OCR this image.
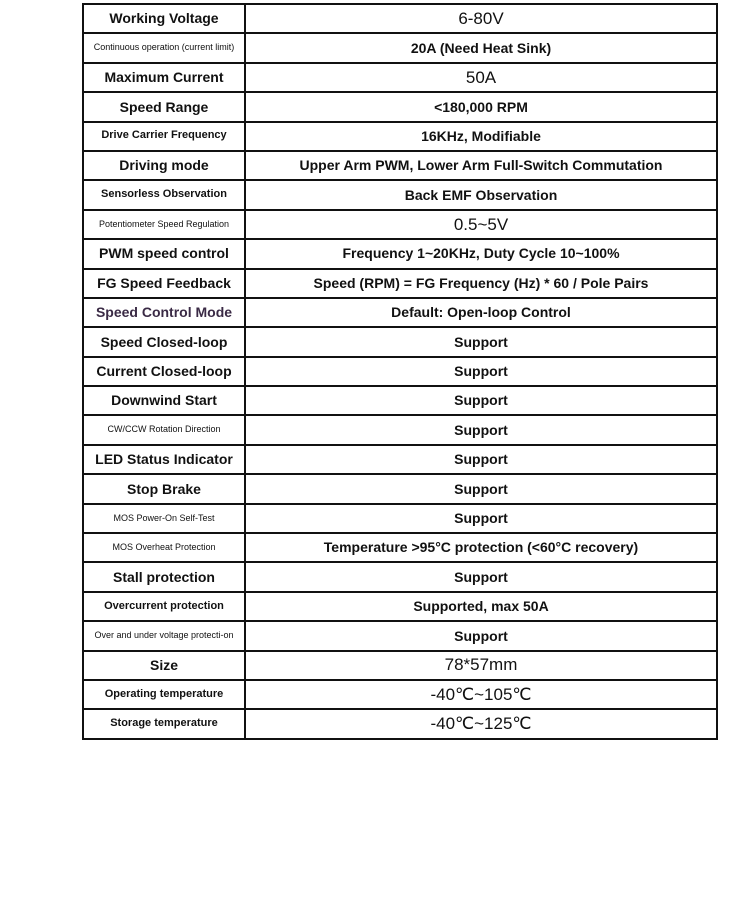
Working Voltage	6-80V
Continuous operation (current limit)	20A (Need Heat Sink)
Maximum Current	50A
Speed Range	<180,000 RPM
Drive Carrier Frequency	16KHz, Modifiable
Driving mode	Upper Arm PWM, Lower Arm Full-Switch Commutation
Sensorless Observation	Back EMF Observation
Potentiometer Speed Regulation	0.5~5V
PWM speed control	Frequency 1~20KHz, Duty Cycle 10~100%
FG Speed Feedback	Speed (RPM) = FG Frequency (Hz) * 60 / Pole Pairs
Speed Control Mode	Default: Open-loop Control
Speed Closed-loop	Support
Current Closed-loop	Support
Downwind Start	Support
CW/CCW Rotation Direction	Support
LED Status Indicator	Support
Stop Brake	Support
MOS Power-On Self-Test	Support
MOS Overheat Protection	Temperature >95°C protection (<60°C recovery)
Stall protection	Support
Overcurrent protection	Supported, max 50A
Over and under voltage protecti-on	Support
Size	78*57mm
Operating temperature	-40℃~105℃
Storage temperature	-40℃~125℃
